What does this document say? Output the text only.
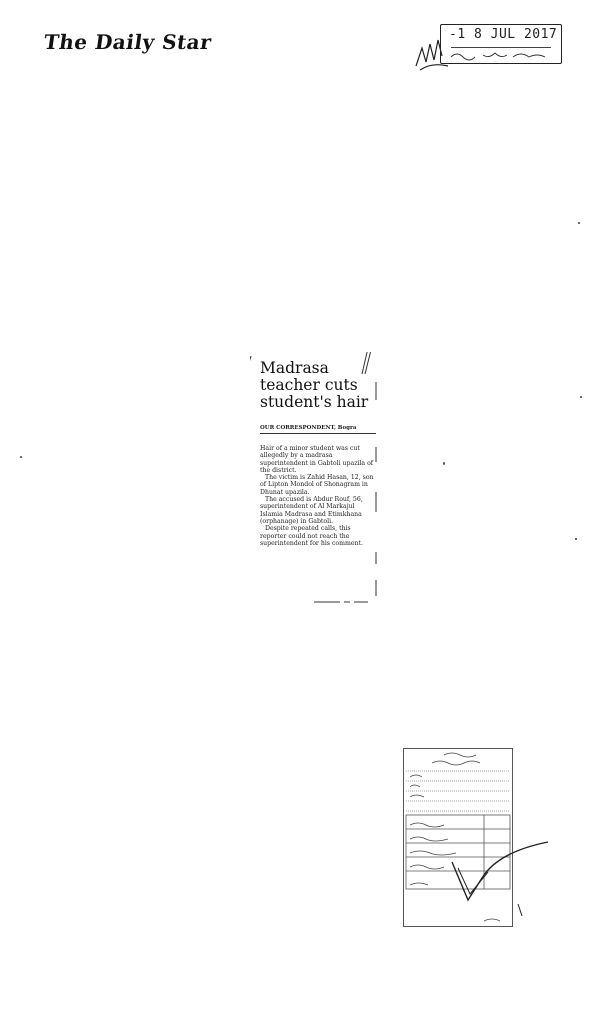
The Daily Star	-1 8 JUL 2017
Madrasa
teacher cuts
student's hair
OUR CORRESPONDENT, Bogra

Hair of a minor student was cut allegedly by a madrasa superintendent in Gabtoli upazila of the district.

The victim is Zahid Hasan, 12, son of Lipton Mondol of Shonagram in Dhunat upazila.

The accused is Abdur Rouf, 56, superintendent of Al Markajul Islamia Madrasa and Etimkhana (orphanage) in Gabtoli.

Despite repeated calls, this reporter could not reach the superintendent for his comment.
